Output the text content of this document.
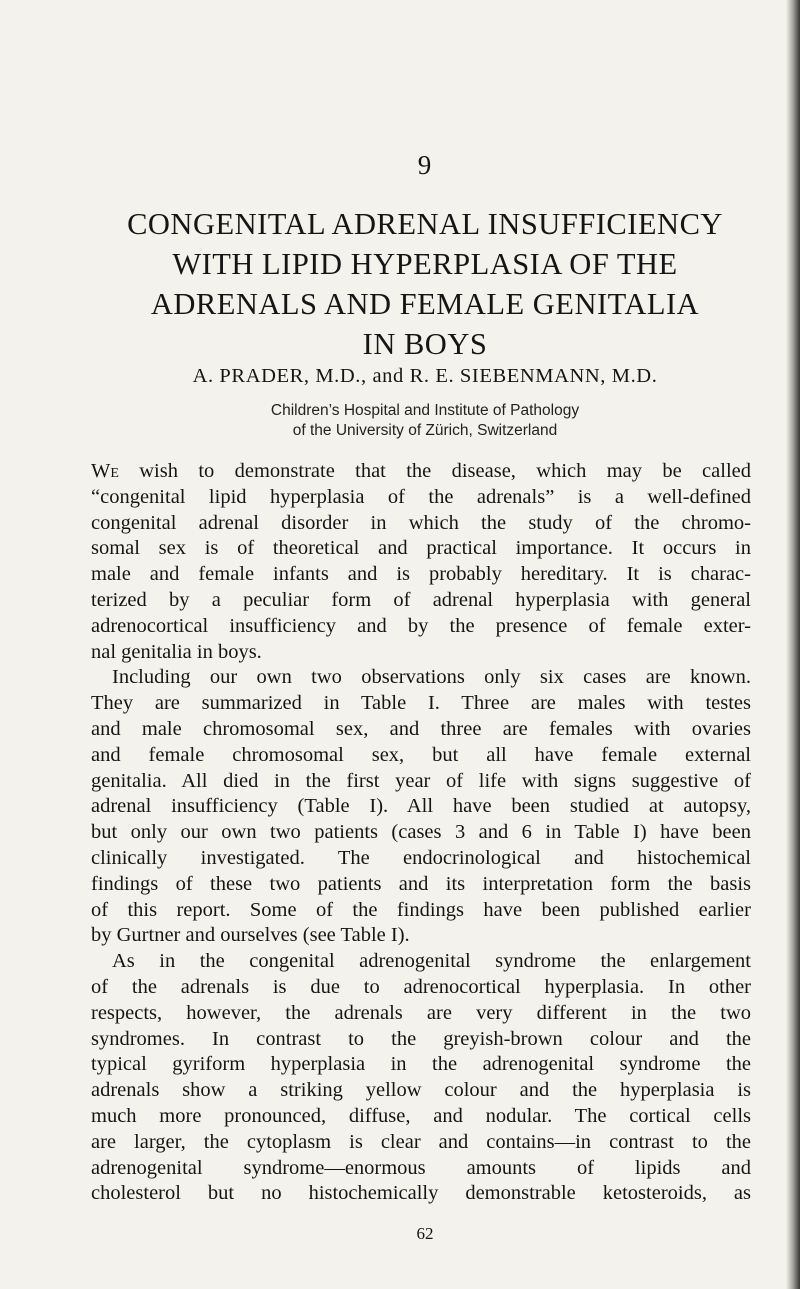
9
CONGENITAL ADRENAL INSUFFICIENCY
WITH LIPID HYPERPLASIA OF THE
ADRENALS AND FEMALE GENITALIA
IN BOYS
A. PRADER, M.D., and R. E. SIEBENMANN, M.D.
Children’s Hospital and Institute of Pathology
of the University of Zürich, Switzerland
We wish to demonstrate that the disease, which may be called
“congenital lipid hyperplasia of the adrenals” is a well-defined
congenital adrenal disorder in which the study of the chromo-
somal sex is of theoretical and practical importance. It occurs in
male and female infants and is probably hereditary. It is charac-
terized by a peculiar form of adrenal hyperplasia with general
adrenocortical insufficiency and by the presence of female exter-
nal genitalia in boys.
Including our own two observations only six cases are known.
They are summarized in Table I. Three are males with testes
and male chromosomal sex, and three are females with ovaries
and female chromosomal sex, but all have female external
genitalia. All died in the first year of life with signs suggestive of
adrenal insufficiency (Table I). All have been studied at autopsy,
but only our own two patients (cases 3 and 6 in Table I) have been
clinically investigated. The endocrinological and histochemical
findings of these two patients and its interpretation form the basis
of this report. Some of the findings have been published earlier
by Gurtner and ourselves (see Table I).
As in the congenital adrenogenital syndrome the enlargement
of the adrenals is due to adrenocortical hyperplasia. In other
respects, however, the adrenals are very different in the two
syndromes. In contrast to the greyish-brown colour and the
typical gyriform hyperplasia in the adrenogenital syndrome the
adrenals show a striking yellow colour and the hyperplasia is
much more pronounced, diffuse, and nodular. The cortical cells
are larger, the cytoplasm is clear and contains—in contrast to the
adrenogenital syndrome—enormous amounts of lipids and
cholesterol but no histochemically demonstrable ketosteroids, as
62
